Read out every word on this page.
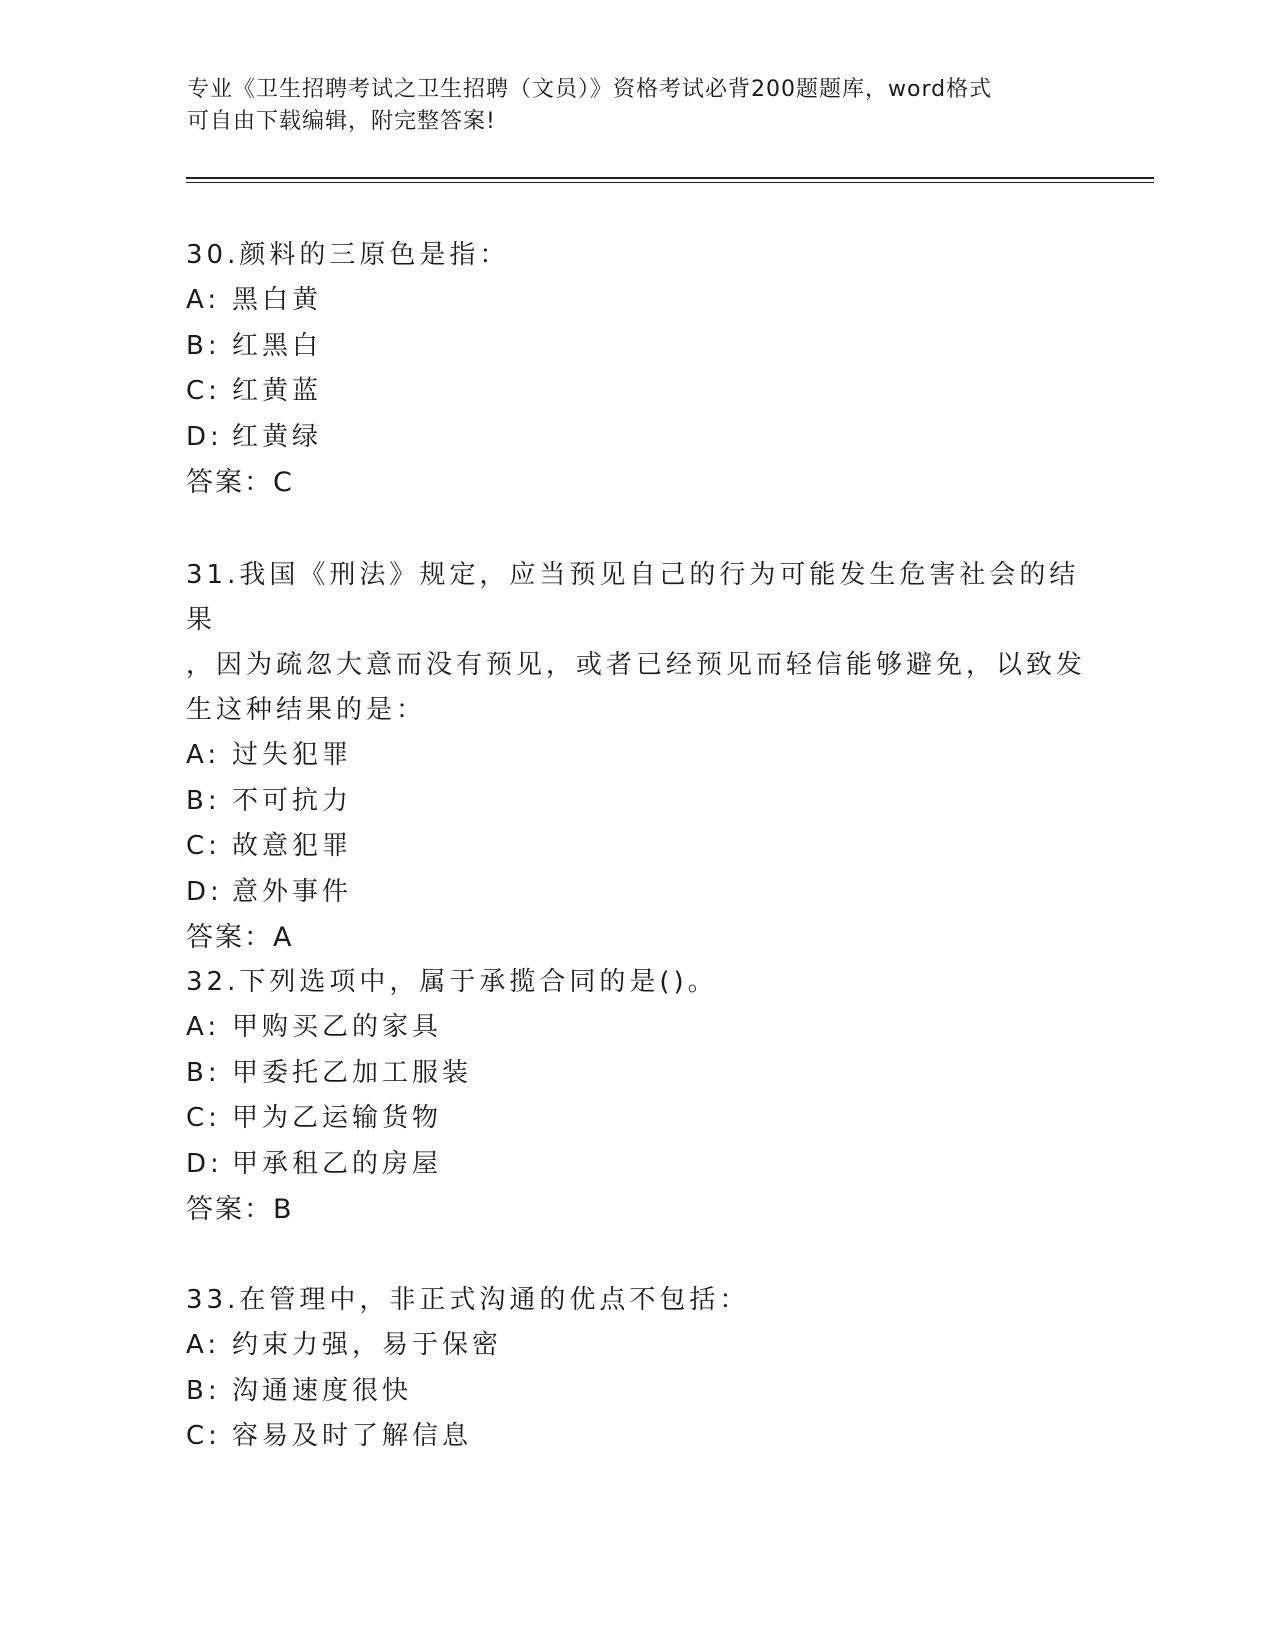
专业《卫生招聘考试之卫生招聘（文员）》资格考试必背200题题库，word格式

可自由下载编辑，附完整答案!

30.颜料的三原色是指：

A: 黑白黄

B: 红黑白

C: 红黄蓝

D: 红黄绿

答案：C

31.我国《刑法》规定，应当预见自己的行为可能发生危害社会的结果

，因为疏忽大意而没有预见，或者已经预见而轻信能够避免，以致发

生这种结果的是：

A: 过失犯罪

B: 不可抗力

C: 故意犯罪

D: 意外事件

答案：A

32.下列选项中，属于承揽合同的是()。

A: 甲购买乙的家具

B: 甲委托乙加工服装

C: 甲为乙运输货物

D: 甲承租乙的房屋

答案：B

33.在管理中，非正式沟通的优点不包括：

A: 约束力强，易于保密

B: 沟通速度很快

C: 容易及时了解信息
